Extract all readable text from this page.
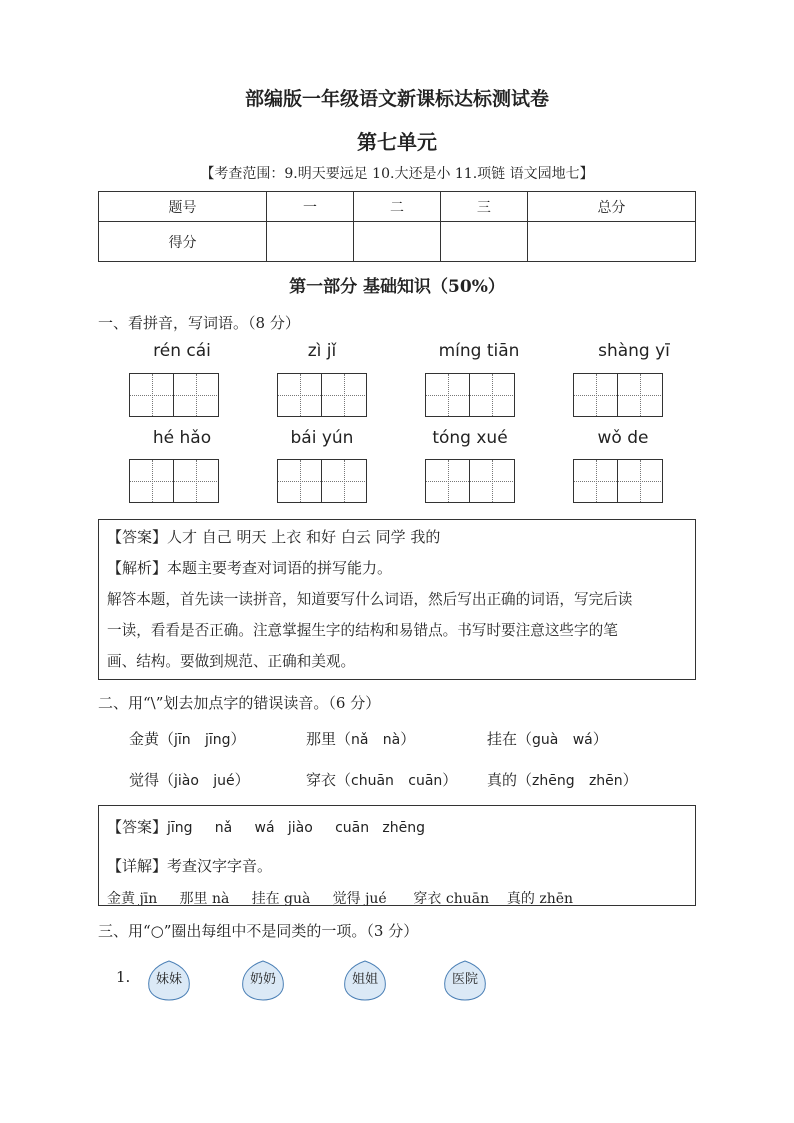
部编版一年级语文新课标达标测试卷
第七单元
【考查范围：9.明天要远足 10.大还是小 11.项链 语文园地七】
题号	一	二	三	总分
得分				
第一部分 基础知识（50%）
一、看拼音，写词语。（8 分）
rén cái	zì jǐ	míng tiān	shàng yī
hé hǎo	bái yún	tóng xué	wǒ de
【答案】人才 自己 明天 上衣 和好 白云 同学 我的
【解析】本题主要考查对词语的拼写能力。
解答本题，首先读一读拼音，知道要写什么词语，然后写出正确的词语，写完后读
一读，看看是否正确。注意掌握生字的结构和易错点。书写时要注意这些字的笔
画、结构。要做到规范、正确和美观。
二、用“\”划去加点字的错误读音。（6 分）
金黄（jīn jīng）	那里（nǎ nà）	挂在（guà wá）
觉得（jiào jué）	穿衣（chuān cuān） 真的（zhēng zhēn）
【答案】jīng     nǎ     wá   jiào     cuān   zhēng
【详解】考查汉字字音。
金黄 jīn     那里 nà     挂在 guà     觉得 jué      穿衣 chuān    真的 zhēn
三、用“○”圈出每组中不是同类的一项。（3 分）
1.	妹妹	奶奶	姐姐	医院
